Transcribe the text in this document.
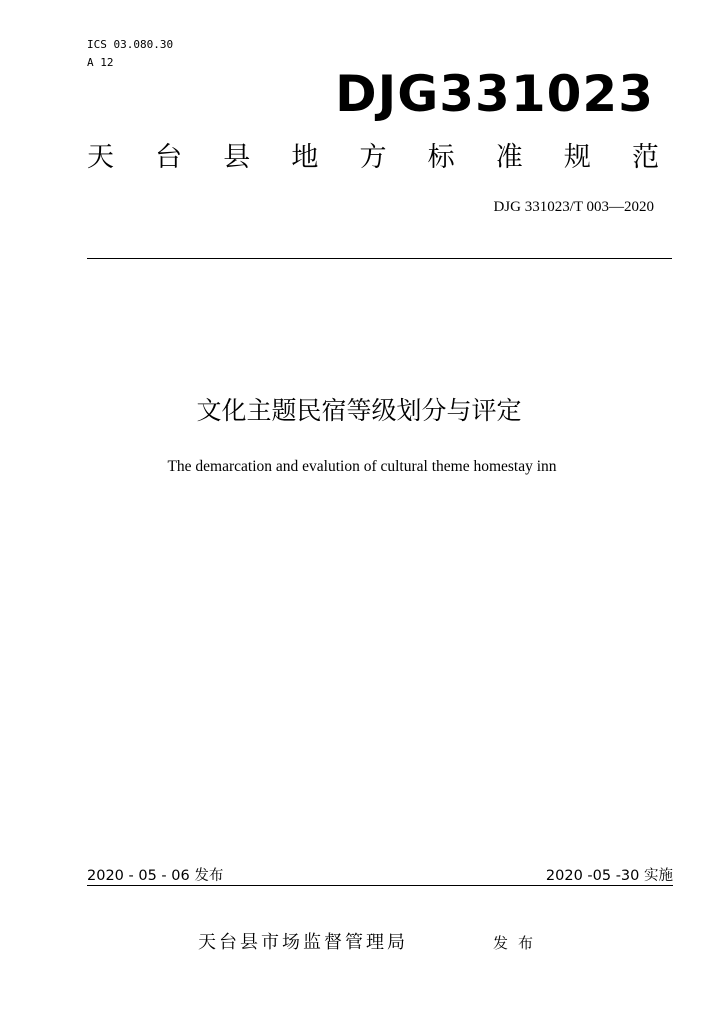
ICS 03.080.30
A 12
DJG331023
天 台 县 地 方 标 准 规 范
DJG 331023/T 003—2020
文化主题民宿等级划分与评定
The demarcation and evalution of cultural theme homestay inn
2020 - 05 - 06 发布	2020 -05 -30 实施
天台县市场监督管理局	发布
